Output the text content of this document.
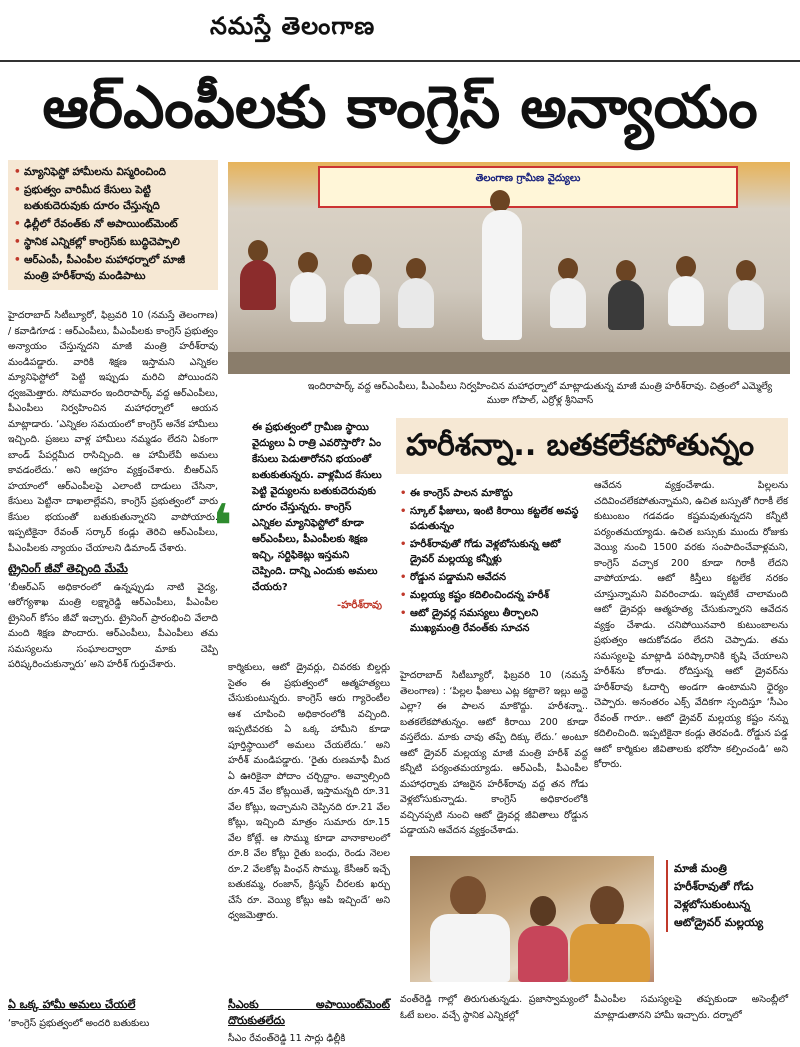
నమస్తే తెలంగాణ
ఆర్ఎంపీలకు కాంగ్రెస్ అన్యాయం
• మ్యానిఫెస్టో హామీలను విస్మరించింది
• ప్రభుత్వం వారిమీద కేసులు పెట్టి బతుకుదెరువుకు దూరం చేస్తున్నది
• ఢిల్లీలో రేవంత్‌కు నో అపాయింట్‌మెంట్
• స్థానిక ఎన్నికల్లో కాంగ్రెస్‌కు బుద్ధిచెప్పాలి
• ఆర్ఎంపీ, పీఎంపీల మహాధర్నాలో మాజీ మంత్రి హరీశ్‌రావు మండిపాటు
తెలంగాణ గ్రామీణ వైద్యులు
ఇందిరాపార్క్ వద్ద ఆర్ఎంపీలు, పీఎంపీలు నిర్వహించిన మహాధర్నాలో మాట్లాడుతున్న మాజీ మంత్రి హరీశ్‌రావు. చిత్రంలో ఎమ్మెల్యే ముఠా గోపాల్, ఎర్రోళ్ల శ్రీనివాస్

హైదరాబాద్ సిటీబ్యూరో, ఫిబ్రవరి 10 (నమస్తే తెలంగాణ) / కవాడిగూడ : ఆర్ఎంపీలు, పీఎంపీలకు కాంగ్రెస్ ప్రభుత్వం అన్యాయం చేస్తున్నదని మాజీ మంత్రి హరీశ్‌రావు మండిపడ్డారు. వారికి శిక్షణ ఇస్తామని ఎన్నికల మ్యానిఫెస్టోలో పెట్టి ఇప్పుడు మరిచి పోయిందని ధ్వజమెత్తారు. సోమవారం ఇందిరాపార్క్ వద్ద ఆర్ఎంపీలు, పీఎంపీలు నిర్వహించిన మహాధర్నాలో ఆయన మాట్లాడారు. ‘ఎన్నికల సమయంలో కాంగ్రెస్ అనేక హామీలు ఇచ్చింది. ప్రజలు వాళ్ల హామీలు నమ్మడం లేదని ఏకంగా బాండ్ పేపర్లమీద రాసిచ్చింది. ఆ హామీలేవీ అమలు కావడంలేదు.’ అని ఆగ్రహం వ్యక్తంచేశారు. బీఆర్ఎస్ హయాంలో ఆర్ఎంపీలపై ఎలాంటి దాడులు చేసినా, కేసులు పెట్టినా దాఖలాల్లేవని, కాంగ్రెస్ ప్రభుత్వంలో వారు కేసుల భయంతో బతుకుతున్నారని వాపోయారు. ఇప్పటికైనా రేవంత్ సర్కార్ కండ్లు తెరిచి ఆర్ఎంపీలు, పీఎంపీలకు న్యాయం చేయాలని డిమాండ్ చేశారు.

ట్రైనింగ్ జీవో తెచ్చింది మేమే

‘బీఆర్ఎస్ అధికారంలో ఉన్నప్పుడు నాటి వైద్య, ఆరోగ్యశాఖ మంత్రి లక్ష్మారెడ్డి ఆర్ఎంపీలు, పీఎంపీల ట్రైనింగ్ కోసం జీవో ఇచ్చారు. ట్రైనింగ్ ప్రారంభించి వేలాది మంది శిక్షణ పొందారు. ఆర్ఎంపీలు, పీఎంపీలు తమ సమస్యలను సంఘాలద్వారా మాకు చెప్పి పరిష్కరించుకున్నారు’ అని హరీశ్ గుర్తుచేశారు.

❛

ఈ ప్రభుత్వంలో గ్రామీణ స్థాయి వైద్యులు ఏ రాత్రి ఎవరొస్తారో? ఏం కేసులు పెడుతారోనని భయంతో బతుకుతున్నరు. వాళ్లమీద కేసులు పెట్టి వైద్యులను బతుకుదెరువుకు దూరం చేస్తున్నరు. కాంగ్రెస్ ఎన్నికల మ్యానిఫెస్టోలో కూడా ఆర్ఎంపీలు, పీఎంపీలకు శిక్షణ ఇచ్చి, సర్టిఫికెట్లు ఇస్తమని చెప్పింది. దాన్ని ఎందుకు అమలు చేయరు?

-హరీశ్‌రావు

కార్మికులు, ఆటో డ్రైవర్లు, చివరకు బిల్డర్లు సైతం ఈ ప్రభుత్వంలో ఆత్మహత్యలు చేసుకుంటున్నరు. కాంగ్రెస్ ఆరు గ్యారెంటీల ఆశ చూపించి అధికారంలోకి వచ్చింది. ఇప్పటివరకు ఏ ఒక్క హామీని కూడా పూర్తిస్థాయిలో అమలు చేయలేదు.’ అని హరీశ్ మండిపడ్డారు. ‘రైతు రుణమాఫీ మీద ఏ ఊరికైనా పోదాం చర్చిద్దాం. అవ్వాల్సింది రూ.45 వేల కోట్లయితే, ఇస్తామన్నది రూ.31 వేల కోట్లు, ఇచ్చామని చెప్పినది రూ.21 వేల కోట్లు, ఇచ్చింది మాత్రం సుమారు రూ.15 వేల కోట్లే. ఆ సొమ్ము కూడా వానాకాలంలో రూ.8 వేల కోట్లు రైతు బంధు, రెండు నెలల రూ.2 వేలకోట్ల పింఛన్ సొమ్ము, కేసీఆర్ ఇచ్చే బతుకమ్మ, రంజాన్, క్రిస్మస్ చీరలకు ఖర్చు చేసే రూ. వెయ్యి కోట్లు ఆపి ఇచ్చిందే’ అని ధ్వజమెత్తారు.

హరీశన్నా.. బతకలేకపోతున్నం
• ఈ కాంగ్రెస్ పాలన మాకొద్దు
• స్కూల్ ఫీజులు, ఇంటి కిరాయి కట్టలేక అవస్థ పడుతున్నం
• హరీశ్‌రావుతో గోడు వెళ్లబోసుకున్న ఆటో డ్రైవర్ మల్లయ్య కన్నీళ్లు
• రోడ్డున పడ్డామని ఆవేదన
• మల్లయ్య కష్టం కదిలించిందన్న హరీశ్
• ఆటో డ్రైవర్ల సమస్యలు తీర్చాలని ముఖ్యమంత్రి రేవంత్‌కు సూచన

హైదరాబాద్ సిటీబ్యూరో, ఫిబ్రవరి 10 (నమస్తే తెలంగాణ) : ‘పిల్లల ఫీజులు ఎట్ల కట్టాలె? ఇల్లు అద్దె ఎల్లా? ఈ పాలన మాకొద్దు. హరీశన్నా.. బతకలేకపోతున్నం. ఆటో కిరాయి 200 కూడా వస్తలేదు. మాకు చావు తప్పే దిక్కు లేదు.’ అంటూ ఆటో డ్రైవర్ మల్లయ్య మాజీ మంత్రి హరీశ్ వద్ద కన్నీటి పర్యంతమయ్యాడు. ఆర్ఎంపీ, పీఎంపీల మహాధర్నాకు హాజరైన హరీశ్‌రావు వద్ద తన గోడు వెళ్లబోసుకున్నాడు. కాంగ్రెస్ అధికారంలోకి వచ్చినప్పటి నుంచి ఆటో డ్రైవర్ల జీవితాలు రోడ్డున పడ్డాయని ఆవేదన వ్యక్తంచేశాడు.

ఆవేదన వ్యక్తంచేశాడు. పిల్లలను చదివించలేకపోతున్నామని, ఉచిత బస్సుతో గిరాకీ లేక కుటుంబం గడవడం కష్టమవుతున్నదని కన్నీటి పర్యంతమయ్యాడు. ఉచిత బస్సుకు ముందు రోజుకు వెయ్యి నుంచి 1500 వరకు సంపాదించేవాళ్లమని, కాంగ్రెస్ వచ్చాక 200 కూడా గిరాకీ లేదని వాపోయాడు. ఆటో కిస్తీలు కట్టలేక నరకం చూస్తున్నామని వివరించాడు. ఇప్పటికే చాలామంది ఆటో డ్రైవర్లు ఆత్మహత్య చేసుకున్నారని ఆవేదన వ్యక్తం చేశాడు. చనిపోయినవారి కుటుంబాలను ప్రభుత్వం ఆదుకోవడం లేదని చెప్పాడు. తమ సమస్యలపై మాట్లాడి పరిష్కారానికి కృషి చేయాలని హరీశ్‌ను కోరాడు. రోదిస్తున్న ఆటో డ్రైవర్‌ను హరీశ్‌రావు ఓదార్చి అండగా ఉంటామని ధైర్యం చెప్పారు. అనంతరం ఎక్స్ వేదికగా స్పందిస్తూ ‘సీఎం రేవంత్ గారూ.. ఆటో డ్రైవర్ మల్లయ్య కష్టం నన్ను కదిలించింది. ఇప్పటికైనా కండ్లు తెరవండి. రోడ్డున పడ్డ ఆటో కార్మికుల జీవితాలకు భరోసా కల్పించండి’ అని కోరారు.

మాజీ మంత్రి హరీశ్‌రావుతో గోడు వెళ్లబోసుకుంటున్న ఆటోడ్రైవర్ మల్లయ్య
ఏ ఒక్క హామీ అమలు చేయలే

‘కాంగ్రెస్ ప్రభుత్వంలో అందరి బతుకులు

సీఎంకు అపాయింట్‌మెంట్ దొరుకుతలేదు

సీఎం రేవంత్‌రెడ్డి 11 సార్లు ఢిల్లీకి

వంత్‌రెడ్డి గాల్లో తిరుగుతున్నడు. ప్రజాస్వామ్యంలో ఓటే బలం. వచ్చే స్థానిక ఎన్నికల్లో

పీఎంపీల సమస్యలపై తప్పకుండా అసెంబ్లీలో మాట్లాడుతానని హామీ ఇచ్చారు. దర్నాలో
